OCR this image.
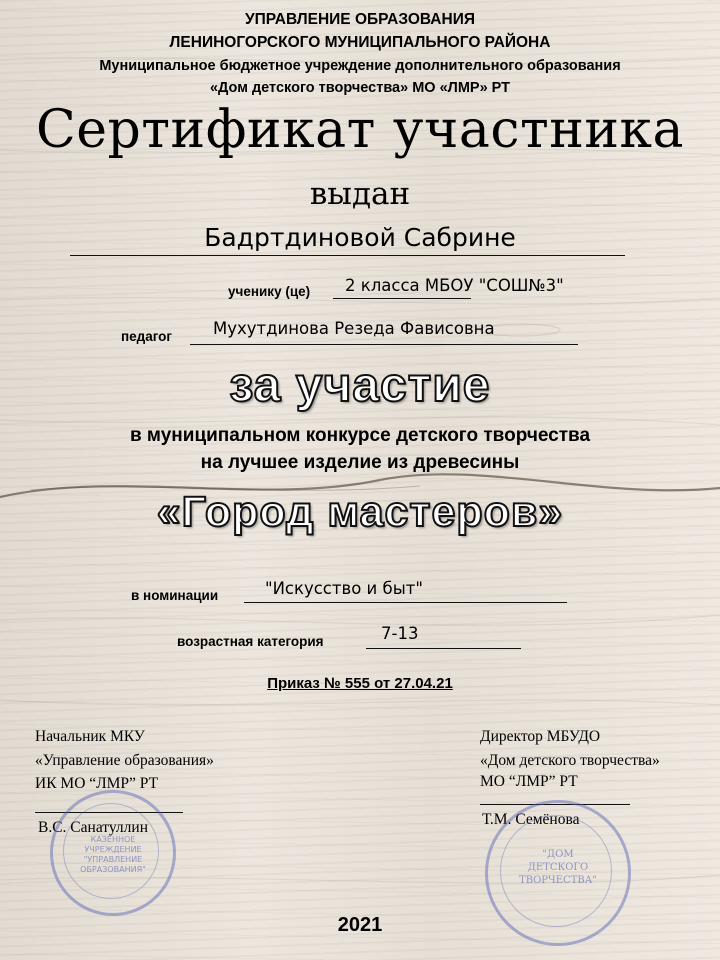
УПРАВЛЕНИЕ ОБРАЗОВАНИЯ
ЛЕНИНОГОРСКОГО МУНИЦИПАЛЬНОГО РАЙОНА
Муниципальное бюджетное учреждение дополнительного образования
«Дом детского творчества» МО «ЛМР» РТ
Сертификат участника
выдан
Бадртдиновой Сабрине
ученику (це) 2 класса МБОУ "СОШ№3"
педагог Мухутдинова Резеда Фависовна
за участие
в муниципальном конкурсе детского творчества
на лучшее изделие из древесины
«Город мастеров»
в номинации	"Искусство и быт"
возрастная категория	7-13
Приказ № 555 от 27.04.21
Начальник МКУ
«Управление образования»
ИК МО “ЛМР” РТ
В.С. Санатуллин
КАЗЕННОЕ
УЧРЕЖДЕНИЕ
"УПРАВЛЕНИЕ
ОБРАЗОВАНИЯ"
Директор МБУДО
«Дом детского творчества»
МО “ЛМР” РТ
Т.М. Семёнова
"ДОМ
ДЕТСКОГО
ТВОРЧЕСТВА"
2021
